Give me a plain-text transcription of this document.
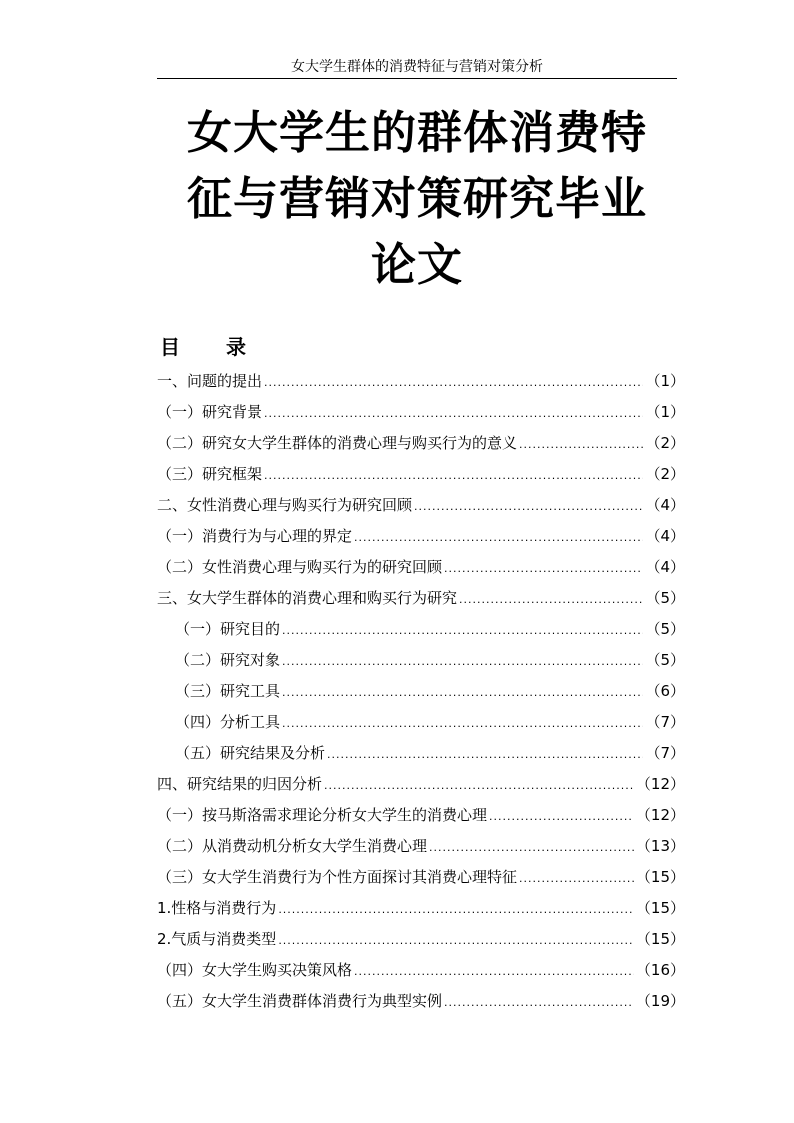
女大学生群体的消费特征与营销对策分析
女大学生的群体消费特
征与营销对策研究毕业
论文
目 录
一、问题的提出 .....	（1）
（一）研究背景 .....	（1）
（二）研究女大学生群体的消费心理与购买行为的意义 .....	（2）
（三）研究框架 .....	（2）
二、女性消费心理与购买行为研究回顾 .....	（4）
（一）消费行为与心理的界定 .....	（4）
（二）女性消费心理与购买行为的研究回顾 .....	（4）
三、女大学生群体的消费心理和购买行为研究 .....	（5）
（一）研究目的 .....	（5）
（二）研究对象 .....	（5）
（三）研究工具 .....	（6）
（四）分析工具 .....	（7）
（五）研究结果及分析 .....	（7）
四、研究结果的归因分析 .....	（12）
（一）按马斯洛需求理论分析女大学生的消费心理 .....	（12）
（二）从消费动机分析女大学生消费心理 .....	（13）
（三）女大学生消费行为个性方面探讨其消费心理特征 .....	（15）
1.性格与消费行为 .....	（15）
2.气质与消费类型 .....	（15）
（四）女大学生购买决策风格 .....	（16）
（五）女大学生消费群体消费行为典型实例 .....	（19）
